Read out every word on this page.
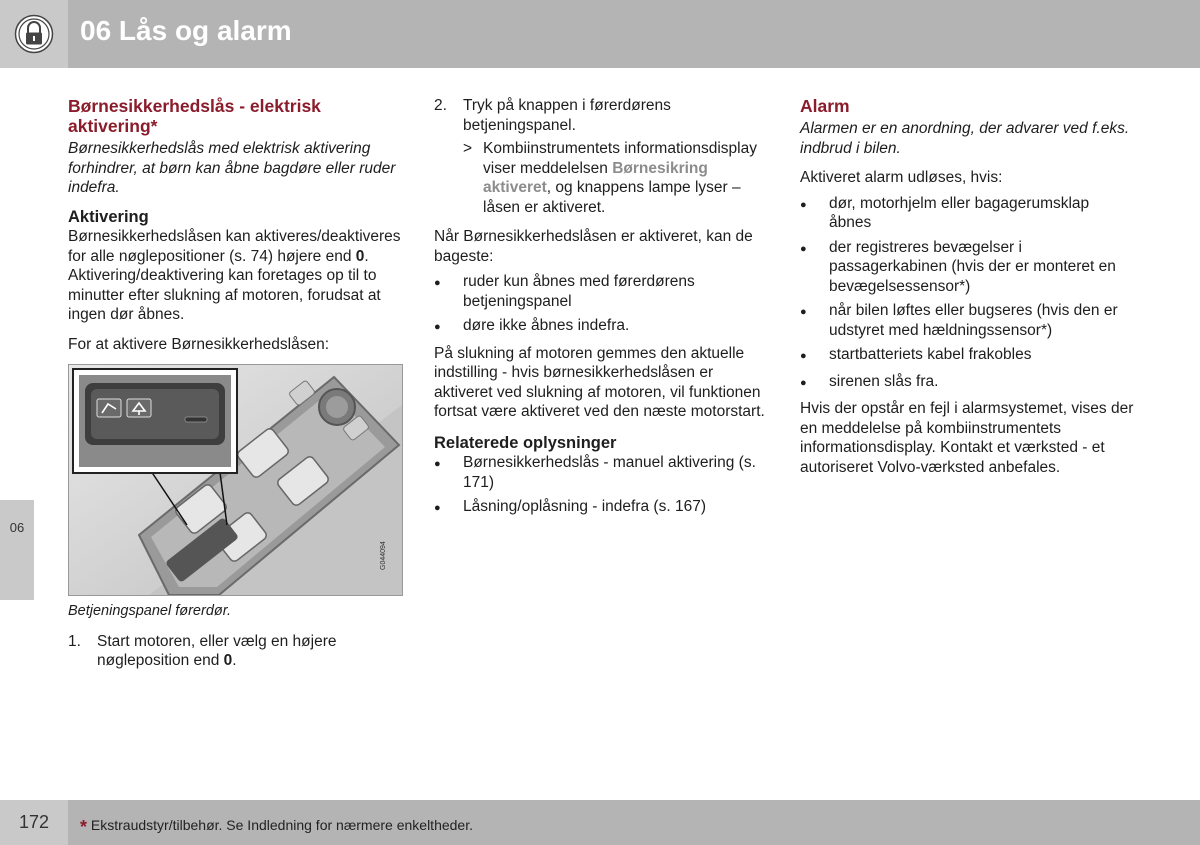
06 Lås og alarm
06
Børnesikkerhedslås - elektrisk aktivering*

Børnesikkerhedslås med elektrisk aktivering forhindrer, at børn kan åbne bagdøre eller ruder indefra.

Aktivering

Børnesikkerhedslåsen kan aktiveres/deaktiveres for alle nøglepositioner (s. 74) højere end 0. Aktivering/deaktivering kan foretages op til to minutter efter slukning af motoren, forudsat at ingen dør åbnes.

For at aktivere Børnesikkerhedslåsen:

G044094

Betjeningspanel førerdør.

1.	Start motoren, eller vælg en højere nøgleposition end 0.
2.	Tryk på knappen i førerdørens betjeningspanel.
> Kombiinstrumentets informationsdisplay viser meddelelsen Børnesikring aktiveret, og knappens lampe lyser – låsen er aktiveret.

Når Børnesikkerhedslåsen er aktiveret, kan de bageste:

●	ruder kun åbnes med førerdørens betjeningspanel
●	døre ikke åbnes indefra.

På slukning af motoren gemmes den aktuelle indstilling - hvis børnesikkerhedslåsen er aktiveret ved slukning af motoren, vil funktionen fortsat være aktiveret ved den næste motorstart.

Relaterede oplysninger
●	Børnesikkerhedslås - manuel aktivering (s. 171)
●	Låsning/oplåsning - indefra (s. 167)
Alarm

Alarmen er en anordning, der advarer ved f.eks. indbrud i bilen.

Aktiveret alarm udløses, hvis:

●	dør, motorhjelm eller bagagerumsklap åbnes
●	der registreres bevægelser i passagerkabinen (hvis der er monteret en bevægelsessensor*)
●	når bilen løftes eller bugseres (hvis den er udstyret med hældningssensor*)
●	startbatteriets kabel frakobles
●	sirenen slås fra.

Hvis der opstår en fejl i alarmsystemet, vises der en meddelelse på kombiinstrumentets informationsdisplay. Kontakt et værksted - et autoriseret Volvo-værksted anbefales.

172	* Ekstraudstyr/tilbehør. Se Indledning for nærmere enkeltheder.
